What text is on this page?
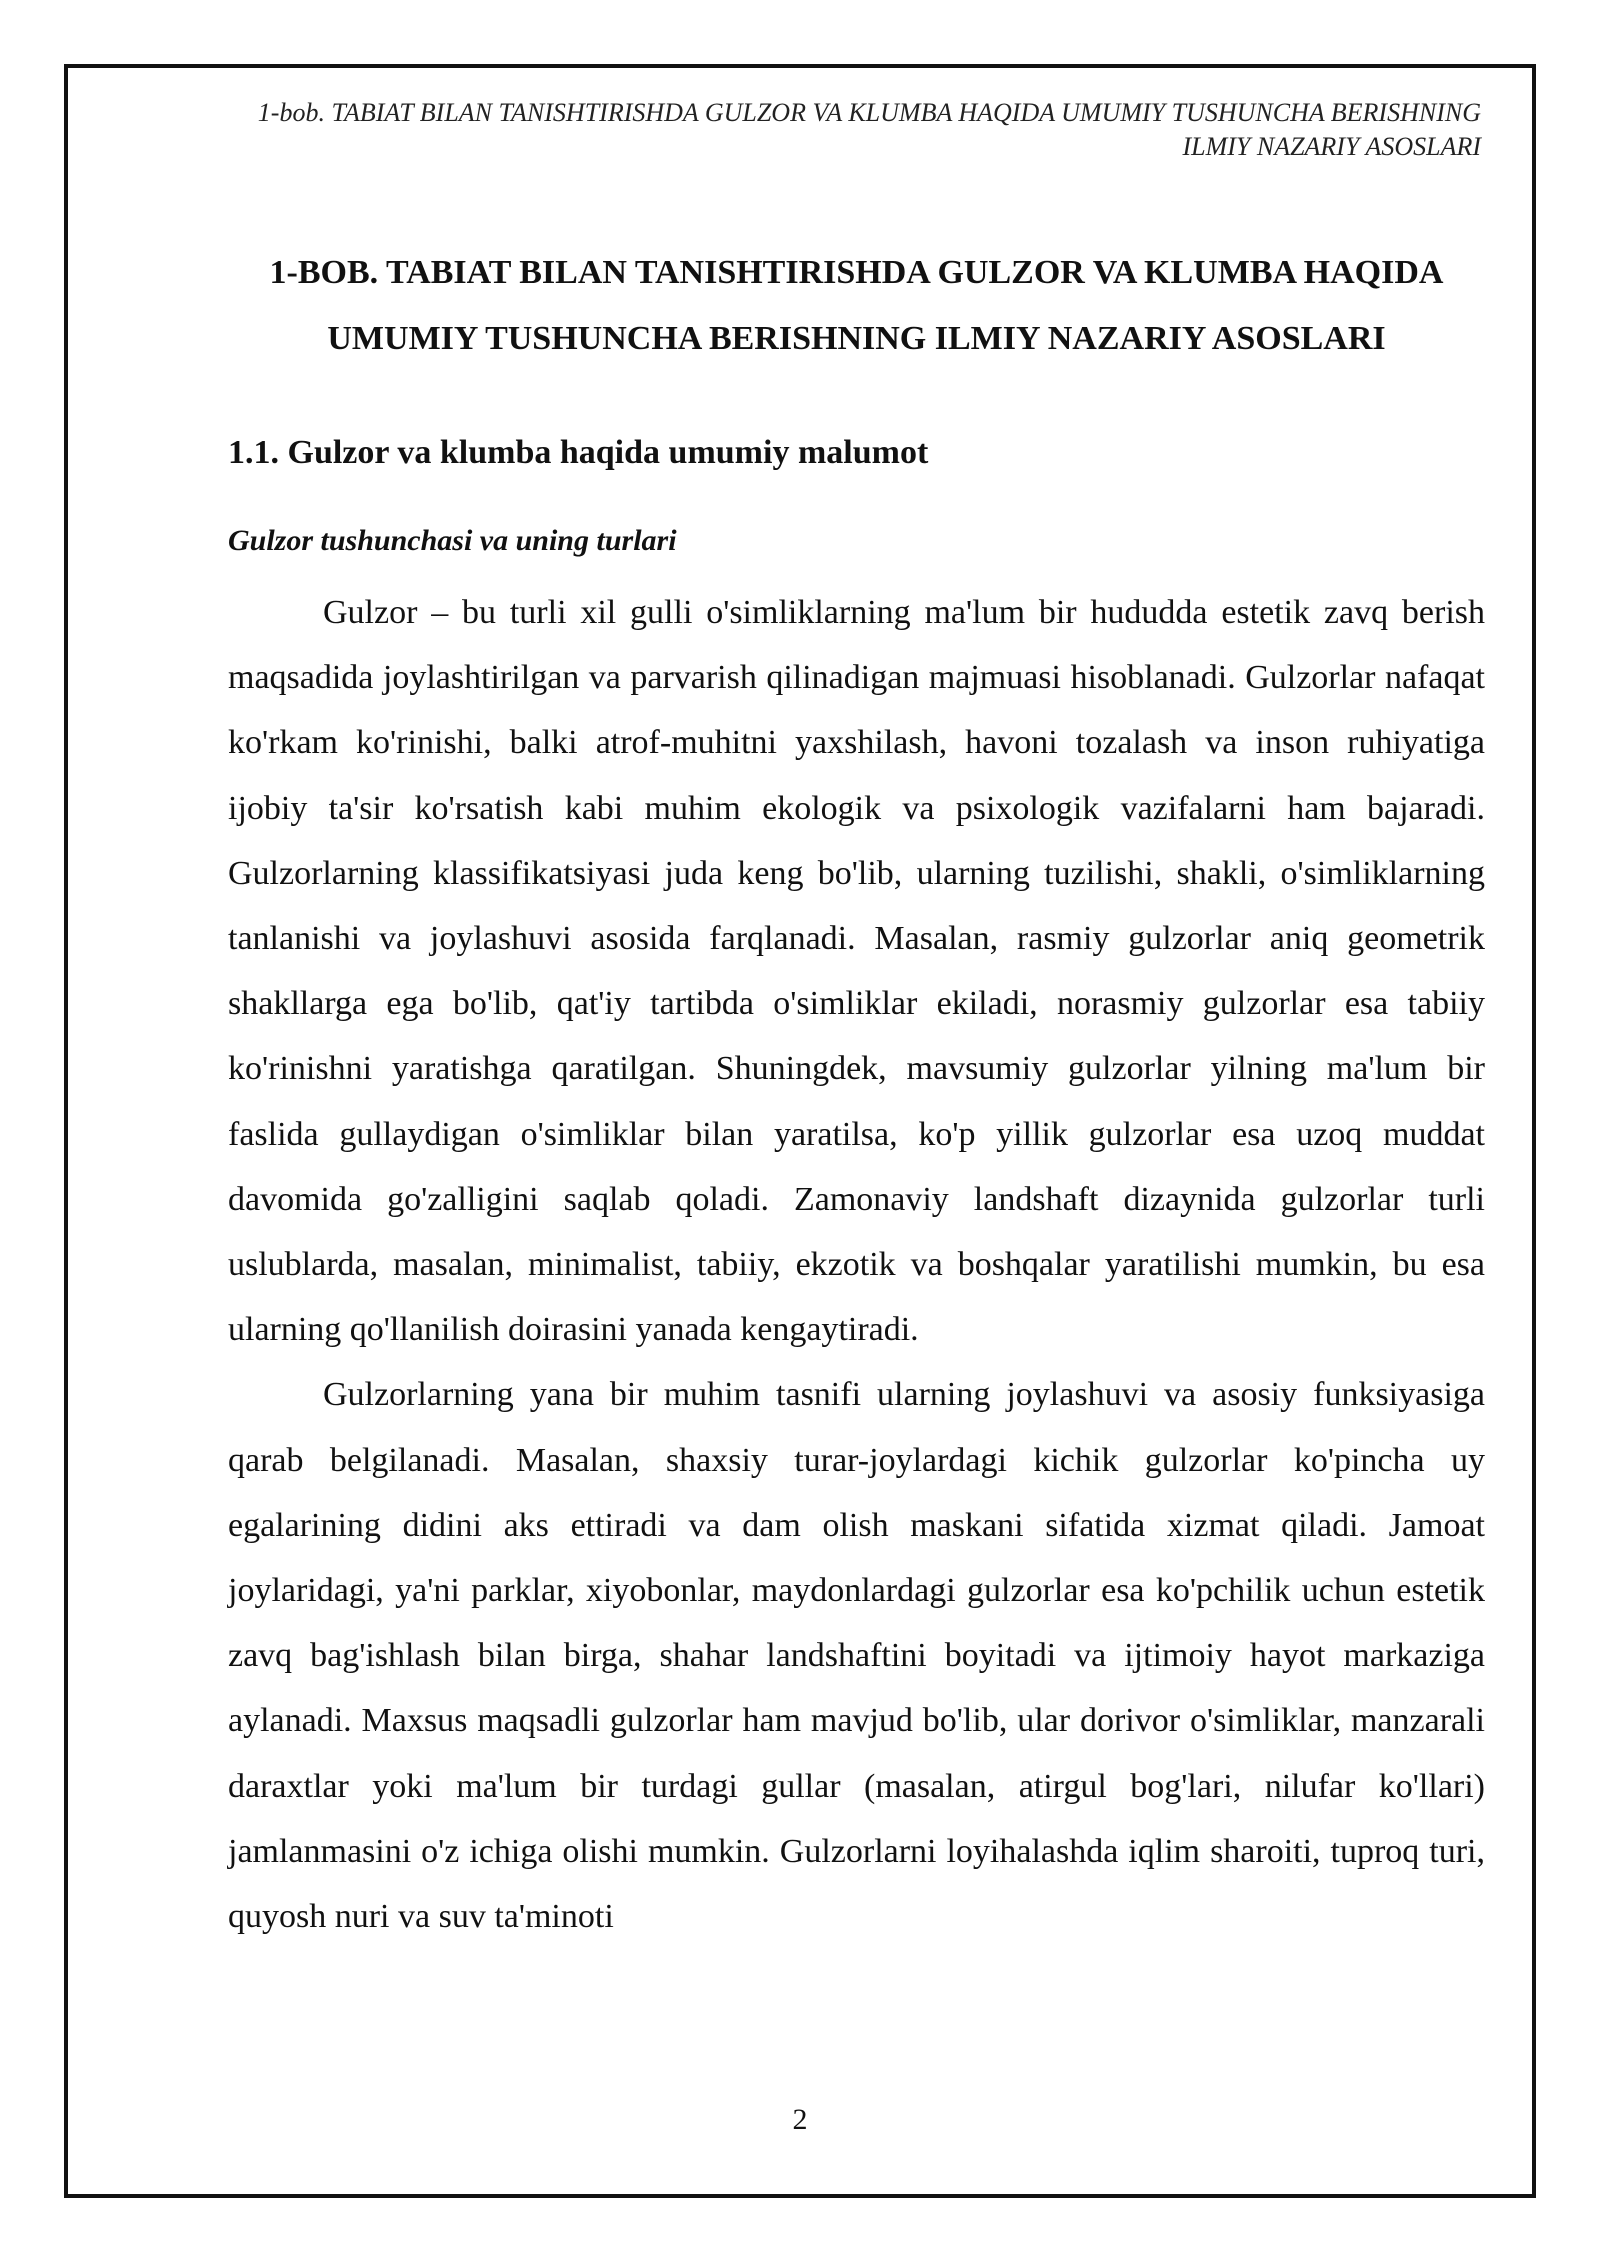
1-bob. TABIAT BILAN TANISHTIRISHDA GULZOR VA KLUMBA HAQIDA UMUMIY TUSHUNCHA BERISHNING ILMIY NAZARIY ASOSLARI
1-BOB. TABIAT BILAN TANISHTIRISHDA GULZOR VA KLUMBA HAQIDA UMUMIY TUSHUNCHA BERISHNING ILMIY NAZARIY ASOSLARI
1.1. Gulzor va klumba haqida umumiy malumot
Gulzor tushunchasi va uning turlari

Gulzor – bu turli xil gulli o'simliklarning ma'lum bir hududda estetik zavq berish maqsadida joylashtirilgan va parvarish qilinadigan majmuasi hisoblanadi. Gulzorlar nafaqat ko'rkam ko'rinishi, balki atrof-muhitni yaxshilash, havoni tozalash va inson ruhiyatiga ijobiy ta'sir ko'rsatish kabi muhim ekologik va psixologik vazifalarni ham bajaradi. Gulzorlarning klassifikatsiyasi juda keng bo'lib, ularning tuzilishi, shakli, o'simliklarning tanlanishi va joylashuvi asosida farqlanadi. Masalan, rasmiy gulzorlar aniq geometrik shakllarga ega bo'lib, qat'iy tartibda o'simliklar ekiladi, norasmiy gulzorlar esa tabiiy ko'rinishni yaratishga qaratilgan. Shuningdek, mavsumiy gulzorlar yilning ma'lum bir faslida gullaydigan o'simliklar bilan yaratilsa, ko'p yillik gulzorlar esa uzoq muddat davomida go'zalligini saqlab qoladi. Zamonaviy landshaft dizaynida gulzorlar turli uslublarda, masalan, minimalist, tabiiy, ekzotik va boshqalar yaratilishi mumkin, bu esa ularning qo'llanilish doirasini yanada kengaytiradi.

Gulzorlarning yana bir muhim tasnifi ularning joylashuvi va asosiy funksiyasiga qarab belgilanadi. Masalan, shaxsiy turar-joylardagi kichik gulzorlar ko'pincha uy egalarining didini aks ettiradi va dam olish maskani sifatida xizmat qiladi. Jamoat joylaridagi, ya'ni parklar, xiyobonlar, maydonlardagi gulzorlar esa ko'pchilik uchun estetik zavq bag'ishlash bilan birga, shahar landshaftini boyitadi va ijtimoiy hayot markaziga aylanadi. Maxsus maqsadli gulzorlar ham mavjud bo'lib, ular dorivor o'simliklar, manzarali daraxtlar yoki ma'lum bir turdagi gullar (masalan, atirgul bog'lari, nilufar ko'llari) jamlanmasini o'z ichiga olishi mumkin. Gulzorlarni loyihalashda iqlim sharoiti, tuproq turi, quyosh nuri va suv ta'minoti

2
